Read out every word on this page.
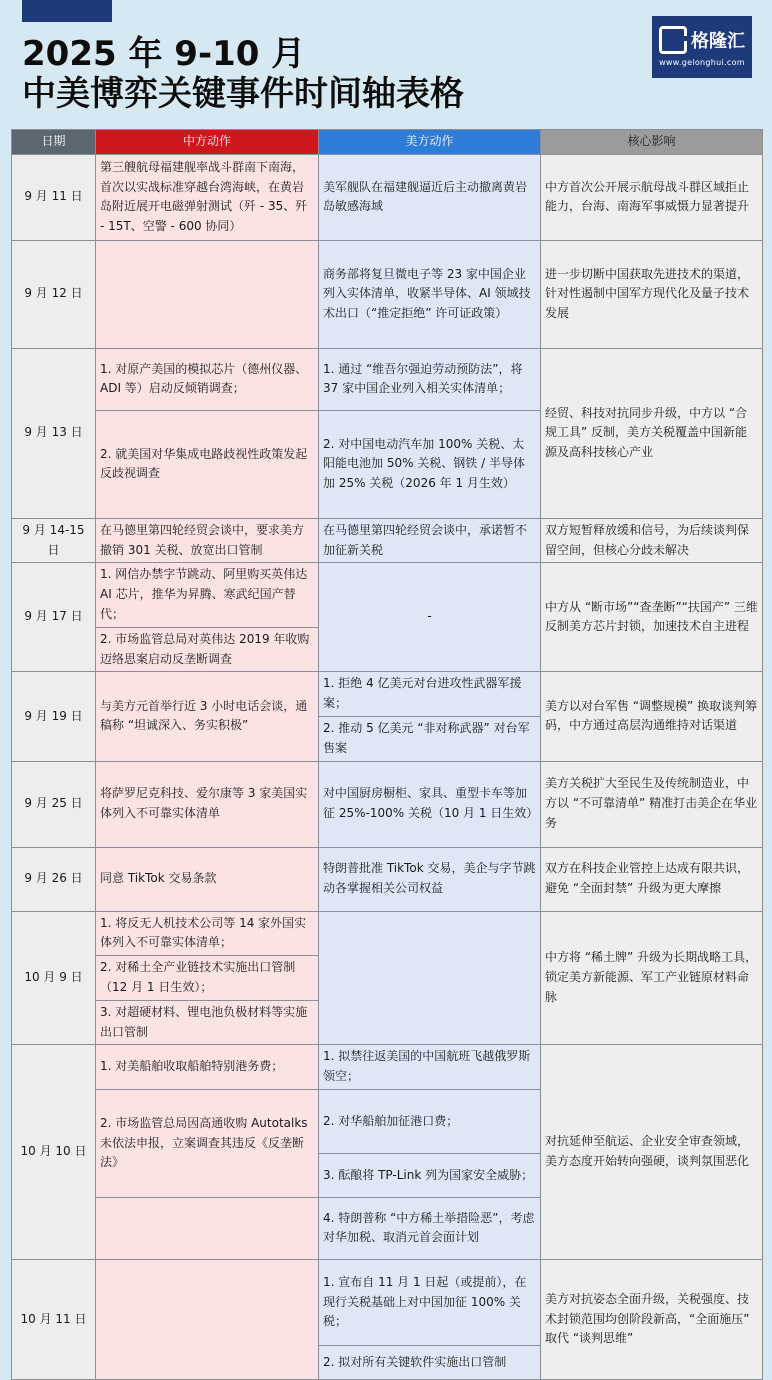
2025 年 9-10 月
中美博弈关键事件时间轴表格
格隆汇
www.gelonghui.com
日期	中方动作	美方动作	核心影响
9 月 11 日	第三艘航母福建舰率战斗群南下南海，首次以实战标准穿越台湾海峡，在黄岩岛附近展开电磁弹射测试（歼 - 35、歼 - 15T、空警 - 600 协同）	美军舰队在福建舰逼近后主动撤离黄岩岛敏感海域	中方首次公开展示航母战斗群区域拒止能力，台海、南海军事威慑力显著提升
9 月 12 日		商务部将复旦微电子等 23 家中国企业列入实体清单，收紧半导体、AI 领域技术出口（“推定拒绝” 许可证政策）	进一步切断中国获取先进技术的渠道，针对性遏制中国军方现代化及量子技术发展
9 月 13 日	1. 对原产美国的模拟芯片（德州仪器、ADI 等）启动反倾销调查；	1. 通过 “维吾尔强迫劳动预防法”，将 37 家中国企业列入相关实体清单；	经贸、科技对抗同步升级，中方以 “合规工具” 反制，美方关税覆盖中国新能源及高科技核心产业
	2. 就美国对华集成电路歧视性政策发起反歧视调查	2. 对中国电动汽车加 100% 关税、太阳能电池加 50% 关税、钢铁 / 半导体加 25% 关税（2026 年 1 月生效）	
9 月 14-15 日	在马德里第四轮经贸会谈中，要求美方撤销 301 关税、放宽出口管制	在马德里第四轮经贸会谈中，承诺暂不加征新关税	双方短暂释放缓和信号，为后续谈判保留空间，但核心分歧未解决
9 月 17 日	1. 网信办禁字节跳动、阿里购买英伟达 AI 芯片，推华为昇腾、寒武纪国产替代；	-	中方从 “断市场”“查垄断”“扶国产” 三维反制美方芯片封锁，加速技术自主进程
	2. 市场监管总局对英伟达 2019 年收购迈络思案启动反垄断调查		
9 月 19 日	与美方元首举行近 3 小时电话会谈，通稿称 “坦诚深入、务实积极”	1. 拒绝 4 亿美元对台进攻性武器军援案；	美方以对台军售 “调整规模” 换取谈判筹码，中方通过高层沟通维持对话渠道
		2. 推动 5 亿美元 “非对称武器” 对台军售案	
9 月 25 日	将萨罗尼克科技、爱尔康等 3 家美国实体列入不可靠实体清单	对中国厨房橱柜、家具、重型卡车等加征 25%-100% 关税（10 月 1 日生效）	美方关税扩大至民生及传统制造业，中方以 “不可靠清单” 精准打击美企在华业务
9 月 26 日	同意 TikTok 交易条款	特朗普批准 TikTok 交易，美企与字节跳动各掌握相关公司权益	双方在科技企业管控上达成有限共识，避免 “全面封禁” 升级为更大摩擦
10 月 9 日	1. 将反无人机技术公司等 14 家外国实体列入不可靠实体清单；		中方将 “稀土牌” 升级为长期战略工具，锁定美方新能源、军工产业链原材料命脉
	2. 对稀土全产业链技术实施出口管制（12 月 1 日生效）；		
	3. 对超硬材料、锂电池负极材料等实施出口管制		
10 月 10 日	1. 对美船舶收取船舶特别港务费；	1. 拟禁往返美国的中国航班飞越俄罗斯领空；	对抗延伸至航运、企业安全审查领域，美方态度开始转向强硬，谈判氛围恶化
	2. 市场监管总局因高通收购 Autotalks 未依法申报，立案调查其违反《反垄断法》	2. 对华船舶加征港口费；	
		3. 酝酿将 TP-Link 列为国家安全威胁；	
		4. 特朗普称 “中方稀土举措险恶”，考虑对华加税、取消元首会面计划	
10 月 11 日		1. 宣布自 11 月 1 日起（或提前），在现行关税基础上对中国加征 100% 关税；	美方对抗姿态全面升级，关税强度、技术封锁范围均创阶段新高，“全面施压” 取代 “谈判思维”
		2. 拟对所有关键软件实施出口管制	
